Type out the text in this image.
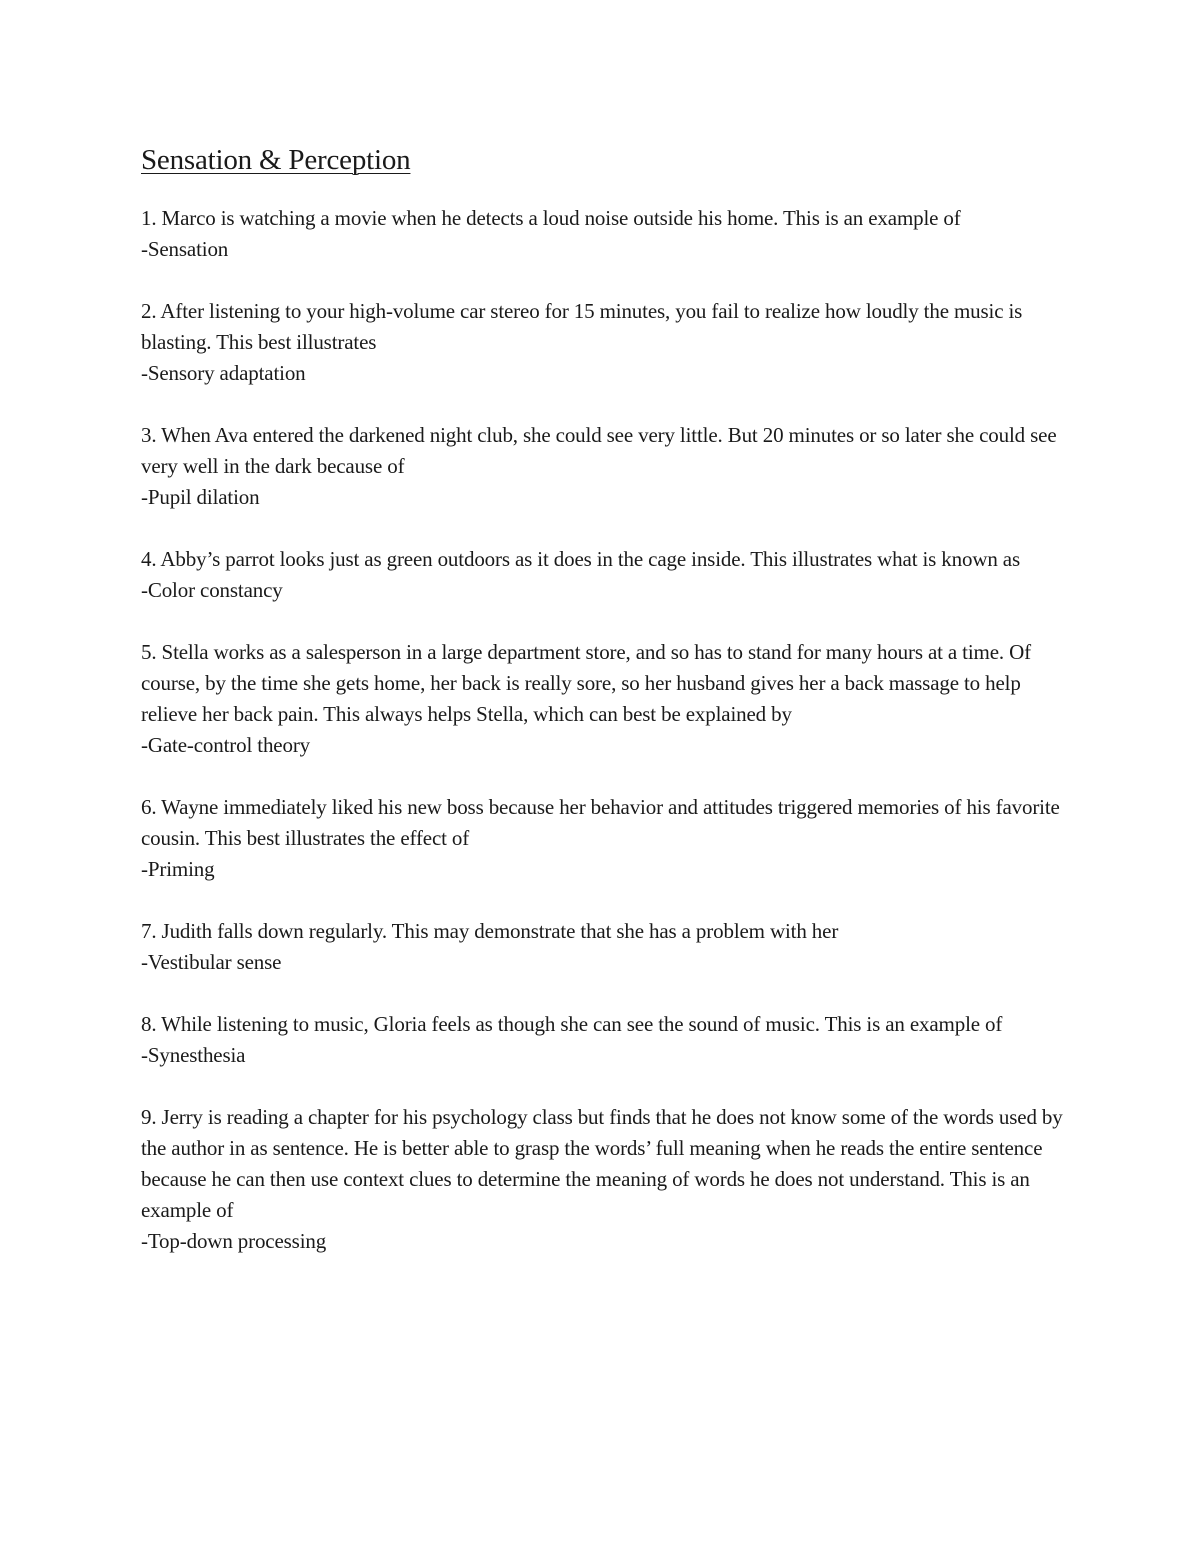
Sensation & Perception

1. Marco is watching a movie when he detects a loud noise outside his home. This is an example of

-Sensation

2. After listening to your high-volume car stereo for 15 minutes, you fail to realize how loudly the music is blasting. This best illustrates

-Sensory adaptation

3. When Ava entered the darkened night club, she could see very little. But 20 minutes or so later she could see very well in the dark because of

-Pupil dilation

4. Abby’s parrot looks just as green outdoors as it does in the cage inside. This illustrates what is known as

-Color constancy

5. Stella works as a salesperson in a large department store, and so has to stand for many hours at a time. Of course, by the time she gets home, her back is really sore, so her husband gives her a back massage to help relieve her back pain. This always helps Stella, which can best be explained by

-Gate-control theory

6. Wayne immediately liked his new boss because her behavior and attitudes triggered memories of his favorite cousin. This best illustrates the effect of

-Priming

7. Judith falls down regularly. This may demonstrate that she has a problem with her

-Vestibular sense

8. While listening to music, Gloria feels as though she can see the sound of music. This is an example of

-Synesthesia

9. Jerry is reading a chapter for his psychology class but finds that he does not know some of the words used by the author in as sentence. He is better able to grasp the words’ full meaning when he reads the entire sentence because he can then use context clues to determine the meaning of words he does not understand. This is an example of

-Top-down processing
